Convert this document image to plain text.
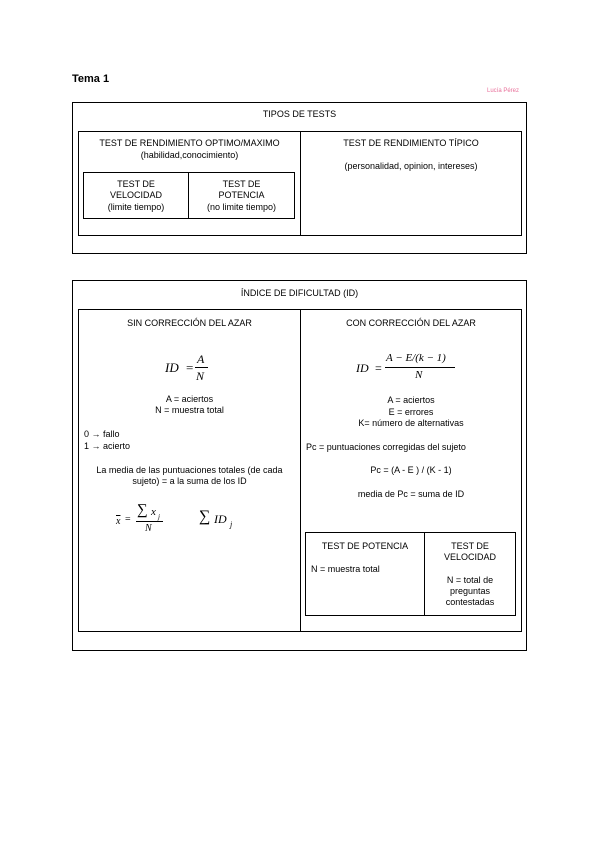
Tema 1
Lucía Pérez
TIPOS DE TESTS
TEST DE RENDIMIENTO OPTIMO/MAXIMO
(habilidad,conocimiento)
TEST DE
VELOCIDAD
(limite tiempo)
TEST DE
POTENCIA
(no limite tiempo)
TEST DE RENDIMIENTO TÍPICO
(personalidad, opinion, intereses)
ÍNDICE DE DIFICULTAD (ID)
SIN CORRECCIÓN DEL AZAR
ID =
A
N
A = aciertos
N = muestra total
0 → fallo
1 → acierto
La media de las puntuaciones totales (de cada
sujeto) = a la suma de los ID
$\overline{x}$ =
∑ x j
N
∑ ID j
CON CORRECCIÓN DEL AZAR
ID =
A − E/(k − 1)
N
A = aciertos
E = errores
K= número de alternativas
Pc = puntuaciones corregidas del sujeto
Pc = (A - E ) / (K - 1)
media de Pc = suma de ID
TEST DE POTENCIA
N = muestra total
TEST DE
VELOCIDAD
N = total de
preguntas
contestadas
